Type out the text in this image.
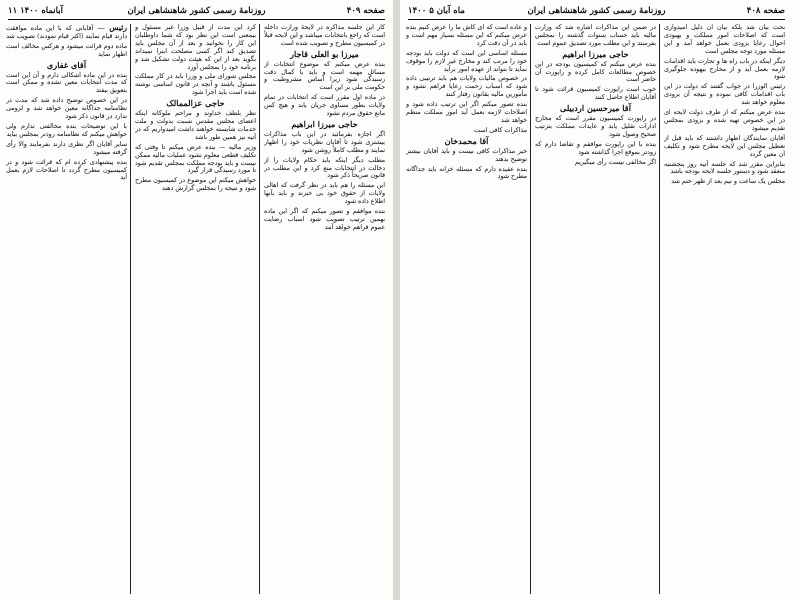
۱۱ آبانماه ۱۴۰۰	روزنامهٔ رسمی کشور شاهنشاهی ایران	صفحه ۴۰۹

کار این جلسه مذاکره در لایحهٔ وزارت داخله است که راجع بانتخابات میباشد و این لایحه قبلاً در کمیسیون مطرح و تصویب شده است

میرزا بو العلی قاجار

بنده عرض میکنم که موضوع انتخابات از مسائل مهمه است و باید با کمال دقت رسیدگی شود زیرا اساس مشروطیت و حکومت ملی بر این است

در ماده اول مقرر است که انتخابات در تمام ولایات بطور مساوی جریان یابد و هیچ کس مانع حقوق مردم نشود

حاجی میرزا ابراهیم

اگر اجازه بفرمائید در این باب مذاکرات بیشتری شود تا آقایان نظریات خود را اظهار نمایند و مطلب کاملاً روشن شود

مطلب دیگر اینکه باید حکام ولایات را از دخالت در انتخابات منع کرد و این مطلب در قانون صریحاً ذکر شود

این مسئله را هم باید در نظر گرفت که اهالی ولایات از حقوق خود بی خبرند و باید بآنها اطلاع داده شود

بنده موافقم و تصور میکنم که اگر این ماده بهمین ترتیب تصویب شود اسباب رضایت عموم فراهم خواهد آمد

کرد این مدت از قبیل وزرا غیر مسئول و بیمعنی است این نظر بود که شما داوطلبان این کار را بخوانید و بعد از آن مجلس باید تصدیق کند اگر کسی مصلحت اینرا نمیداند بگوید بعد از این که هیئت دولت تشکیل شد و برنامه خود را بمجلس آورد

مجلس شورای ملی و وزرا باید در کار مملکت مسئول باشند و آنچه در قانون اساسی نوشته شده است باید اجرا شود

حاجی عزالممالک

نظر بلطف خداوند و مراحم ملوکانه اینکه اعضای مجلس مقدس نسبت بدولت و ملت خدمات شایسته خواهند داشت امیدواریم که در آتیه نیز همین طور باشد

وزیر مالیه — بنده عرض میکنم تا وقتی که تکلیف قطعی معلوم نشود عملیات مالیه ممکن نیست و باید بودجه مملکت بمجلس تقدیم شود تا مورد رسیدگی قرار گیرد

خواهش میکنم این موضوع در کمیسیون مطرح شود و نتیجه را بمجلس گزارش دهند

رئیس — آقایانی که با این ماده موافقت دارند قیام نمایند (اکثر قیام نمودند) تصویب شد

ماده دوم قرائت میشود و هرکس مخالف است اظهار نماید

آقای غفاری

بنده در این ماده اشکالی دارم و آن این است که مدت انتخابات معین نشده و ممکن است بتعویق بیفتد

در این خصوص توضیح داده شد که مدت در نظامنامه جداگانه معین خواهد شد و لزومی ندارد در قانون ذکر شود

با این توضیحات بنده مخالفتی ندارم ولی خواهش میکنم که نظامنامه زودتر بمجلس بیاید

سایر آقایان اگر نظری دارند بفرمایند والا رأی گرفته میشود

بنده پیشنهادی کرده ام که قرائت شود و در کمیسیون مطرح گردد تا اصلاحات لازم بعمل آید

۱۴۰۰ ماه آبان ۵	روزنامهٔ رسمی کشور شاهنشاهی ایران	صفحه ۴۰۸

بحث بیان شد بلکه بیان آن دلیل امیدواری است که اصلاحات امور مملکت و بهبودی احوال رعایا بزودی بعمل خواهد آمد و این مسئله مورد توجه مجلس است

دیگر اینکه در باب راه ها و تجارت باید اقدامات لازمه بعمل آید و از مخارج بیهوده جلوگیری شود

رئیس الوزرا در جواب گفتند که دولت در این باب اقدامات کافی نموده و نتیجه آن بزودی معلوم خواهد شد

بنده عرض میکنم که از طرف دولت لایحه ای در این خصوص تهیه شده و بزودی بمجلس تقدیم میشود

آقایان نمایندگان اظهار داشتند که باید قبل از تعطیل مجلس این لایحه مطرح شود و تکلیف آن معین گردد

بنابراین مقرر شد که جلسه آتیه روز پنجشنبه منعقد شود و دستور جلسه لایحه بودجه باشد

مجلس یک ساعت و نیم بعد از ظهر ختم شد

در ضمن این مذاکرات اشاره شد که وزارت مالیه باید حساب سنوات گذشته را بمجلس بفرستد و این مطلب مورد تصدیق عموم است

حاجی میرزا ابراهیم

بنده عرض میکنم که کمیسیون بودجه در این خصوص مطالعات کامل کرده و راپورت آن حاضر است

خوب است راپورت کمیسیون قرائت شود تا آقایان اطلاع حاصل کنند

آقا میرحسین اردبیلی

در راپورت کمیسیون مقرر است که مخارج ادارات تقلیل یابد و عایدات مملکت بترتیب صحیح وصول شود

بنده با این راپورت موافقم و تقاضا دارم که زودتر بموقع اجرا گذاشته شود

اگر مخالفی نیست رأی میگیریم

و عاده است که ای کاش ما را عرض کنیم بنده عرض میکنم که این مسئله بسیار مهم است و باید در آن دقت کرد

مسئله اساسی این است که دولت باید بودجه خود را مرتب کند و مخارج غیر لازم را موقوف نماید تا بتواند از عهده امور برآید

در خصوص مالیات ولایات هم باید ترتیبی داده شود که اسباب زحمت رعایا فراهم نشود و مأمورین مالیه بقانون رفتار کنند

بنده تصور میکنم اگر این ترتیب داده شود و اصلاحات لازمه بعمل آید امور مملکت منظم خواهد شد

مذاکرات کافی است

آقا محمدخان

خیر مذاکرات کافی نیست و باید آقایان بیشتر توضیح بدهند

بنده عقیده دارم که مسئله خزانه باید جداگانه مطرح شود
